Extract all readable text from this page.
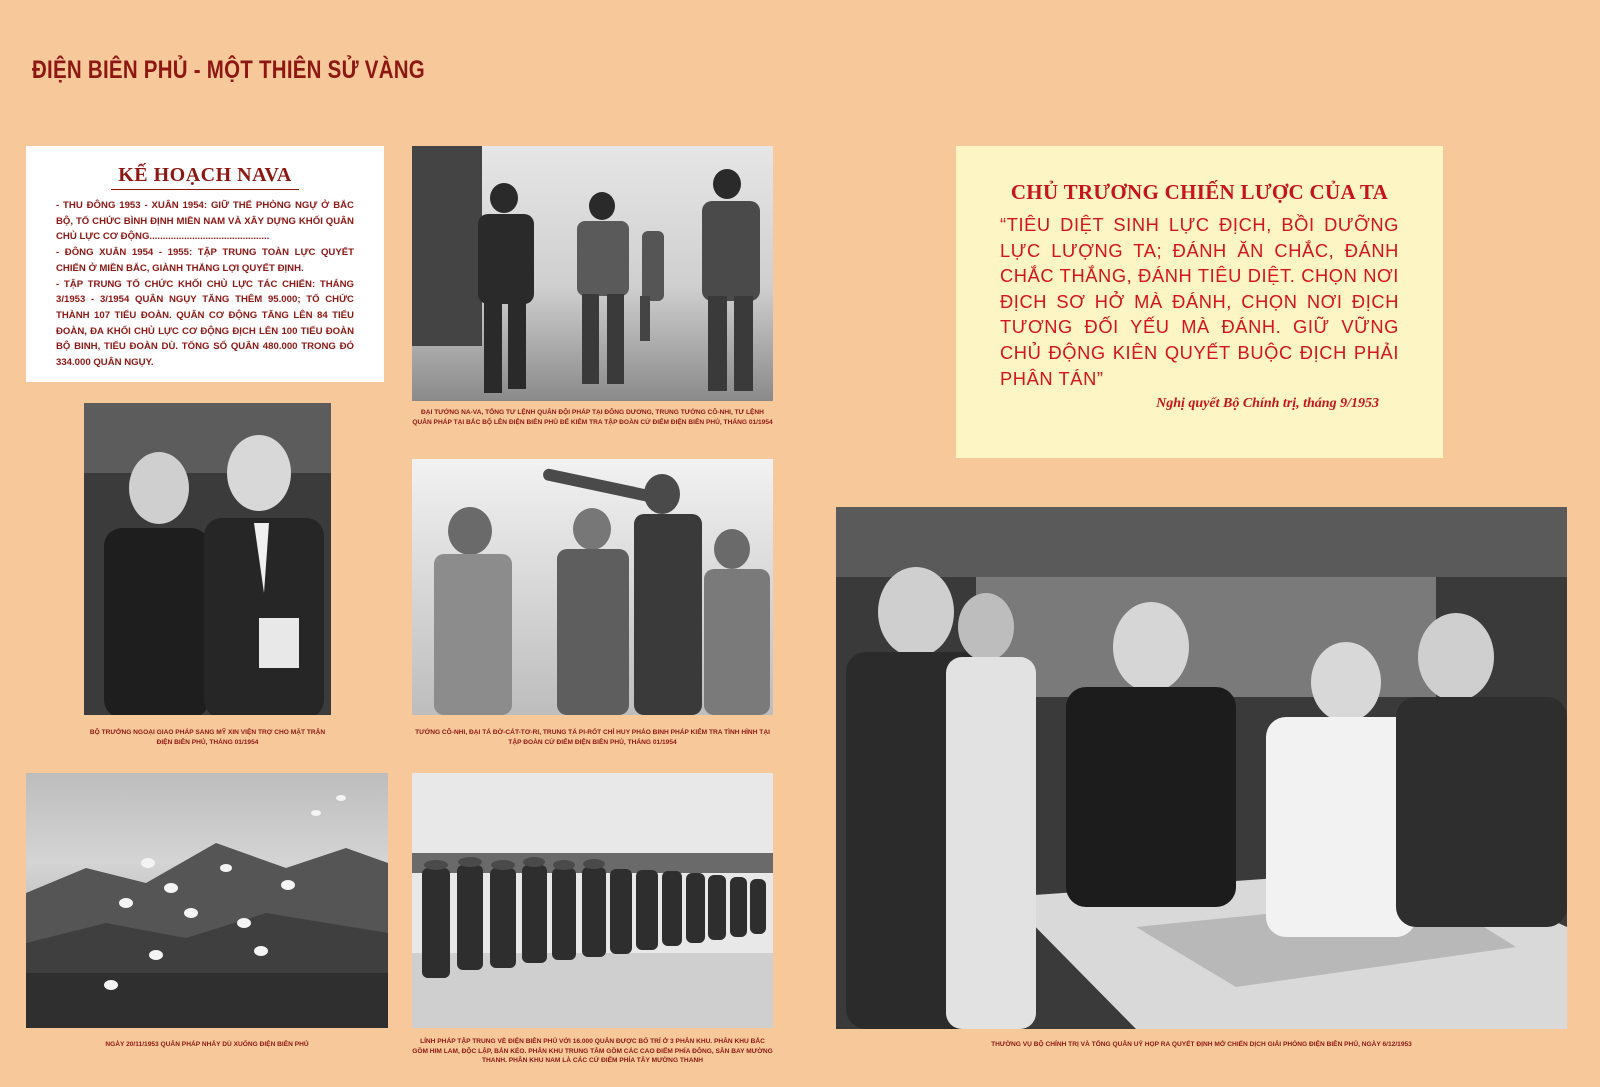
ĐIỆN BIÊN PHỦ - MỘT THIÊN SỬ VÀNG
KẾ HOẠCH NAVA
- THU ĐÔNG 1953 - XUÂN 1954: GIỮ THẾ PHÒNG NGỰ Ở BẮC BỘ, TỔ CHỨC BÌNH ĐỊNH MIỀN NAM VÀ XÂY DỰNG KHỐI QUÂN CHỦ LỰC CƠ ĐỘNG.............................................
- ĐÔNG XUÂN 1954 - 1955: TẬP TRUNG TOÀN LỰC QUYẾT CHIẾN Ở MIỀN BẮC, GIÀNH THẮNG LỢI QUYẾT ĐỊNH.
- TẬP TRUNG TỔ CHỨC KHỐI CHỦ LỰC TÁC CHIẾN: THÁNG 3/1953 - 3/1954 QUÂN NGỤY TĂNG THÊM 95.000; TỔ CHỨC THÀNH 107 TIỂU ĐOÀN. QUÂN CƠ ĐỘNG TĂNG LÊN 84 TIỂU ĐOÀN, ĐA KHỐI CHỦ LỰC CƠ ĐỘNG ĐỊCH LÊN 100 TIỂU ĐOÀN BỘ BINH, TIỂU ĐOÀN DÙ. TỔNG SỐ QUÂN 480.000 TRONG ĐÓ 334.000 QUÂN NGỤY.
CHỦ TRƯƠNG CHIẾN LƯỢC CỦA TA
“TIÊU DIỆT SINH LỰC ĐỊCH, BỒI DƯỠNG LỰC LƯỢNG TA; ĐÁNH ĂN CHẮC, ĐÁNH CHẮC THẮNG, ĐÁNH TIÊU DIỆT. CHỌN NƠI ĐỊCH SƠ HỞ MÀ ĐÁNH, CHỌN NƠI ĐỊCH TƯƠNG ĐỐI YẾU MÀ ĐÁNH. GIỮ VỮNG CHỦ ĐỘNG KIÊN QUYẾT BUỘC ĐỊCH PHẢI PHÂN TÁN”
Nghị quyết Bộ Chính trị, tháng 9/1953
ĐẠI TƯỚNG NA-VA, TỔNG TƯ LỆNH QUÂN ĐỘI PHÁP TẠI ĐÔNG DƯƠNG, TRUNG TƯỚNG CÔ-NHI, TƯ LỆNH QUÂN PHÁP TẠI BẮC BỘ LÊN ĐIỆN BIÊN PHỦ ĐỂ KIỂM TRA TẬP ĐOÀN CỨ ĐIỂM ĐIỆN BIÊN PHỦ, THÁNG 01/1954
BỘ TRƯỞNG NGOẠI GIAO PHÁP SANG MỸ XIN VIỆN TRỢ CHO MẶT TRẬN ĐIỆN BIÊN PHỦ, THÁNG 01/1954
TƯỚNG CÔ-NHI, ĐẠI TÁ ĐỜ-CÁT-TƠ-RI, TRUNG TÁ PI-RỐT CHỈ HUY PHÁO BINH PHÁP KIỂM TRA TÌNH HÌNH TẠI TẬP ĐOÀN CỨ ĐIỂM ĐIỆN BIÊN PHỦ, THÁNG 01/1954
NGÀY 20/11/1953 QUÂN PHÁP NHẢY DÙ XUỐNG ĐIỆN BIÊN PHỦ	LÍNH PHÁP TẬP TRUNG VỀ ĐIỆN BIÊN PHỦ VỚI 16.000 QUÂN ĐƯỢC BỐ TRÍ Ở 3 PHÂN KHU. PHÂN KHU BẮC GỒM HIM LAM, ĐỘC LẬP, BẢN KÉO. PHÂN KHU TRUNG TÂM GỒM CÁC CAO ĐIỂM PHÍA ĐÔNG, SÂN BAY MƯỜNG THANH. PHÂN KHU NAM LÀ CÁC CỨ ĐIỂM PHÍA TÂY MƯỜNG THANH
THƯỜNG VỤ BỘ CHÍNH TRỊ VÀ TỔNG QUÂN UỶ HỌP RA QUYẾT ĐỊNH MỞ CHIẾN DỊCH GIẢI PHÓNG ĐIỆN BIÊN PHỦ, NGÀY 6/12/1953
